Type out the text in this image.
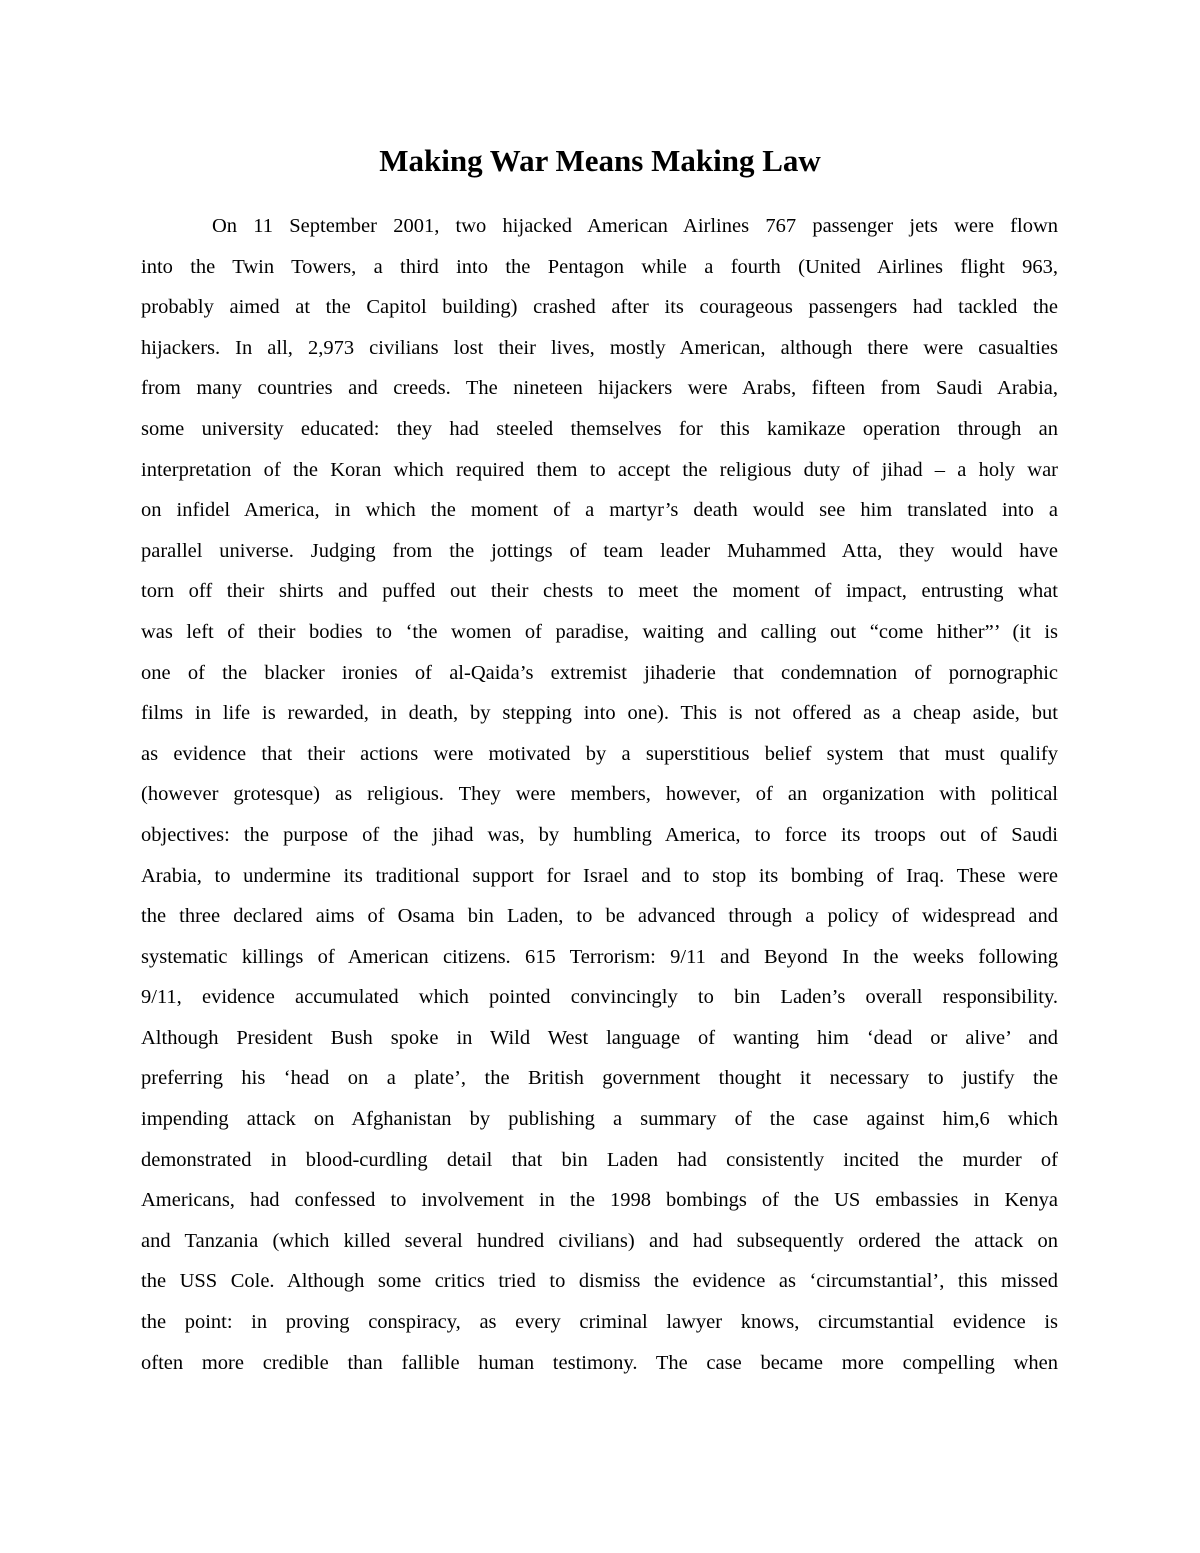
Making War Means Making Law
On 11 September 2001, two hijacked American Airlines 767 passenger jets were flown
into the Twin Towers, a third into the Pentagon while a fourth (United Airlines flight 963,
probably aimed at the Capitol building) crashed after its courageous passengers had tackled the
hijackers. In all, 2,973 civilians lost their lives, mostly American, although there were casualties
from many countries and creeds. The nineteen hijackers were Arabs, fifteen from Saudi Arabia,
some university educated: they had steeled themselves for this kamikaze operation through an
interpretation of the Koran which required them to accept the religious duty of jihad – a holy war
on infidel America, in which the moment of a martyr’s death would see him translated into a
parallel universe. Judging from the jottings of team leader Muhammed Atta, they would have
torn off their shirts and puffed out their chests to meet the moment of impact, entrusting what
was left of their bodies to ‘the women of paradise, waiting and calling out “come hither”’ (it is
one of the blacker ironies of al-Qaida’s extremist jihaderie that condemnation of pornographic
films in life is rewarded, in death, by stepping into one). This is not offered as a cheap aside, but
as evidence that their actions were motivated by a superstitious belief system that must qualify
(however grotesque) as religious. They were members, however, of an organization with political
objectives: the purpose of the jihad was, by humbling America, to force its troops out of Saudi
Arabia, to undermine its traditional support for Israel and to stop its bombing of Iraq. These were
the three declared aims of Osama bin Laden, to be advanced through a policy of widespread and
systematic killings of American citizens. 615 Terrorism: 9/11 and Beyond In the weeks following
9/11, evidence accumulated which pointed convincingly to bin Laden’s overall responsibility.
Although President Bush spoke in Wild West language of wanting him ‘dead or alive’ and
preferring his ‘head on a plate’, the British government thought it necessary to justify the
impending attack on Afghanistan by publishing a summary of the case against him,6 which
demonstrated in blood-curdling detail that bin Laden had consistently incited the murder of
Americans, had confessed to involvement in the 1998 bombings of the US embassies in Kenya
and Tanzania (which killed several hundred civilians) and had subsequently ordered the attack on
the USS Cole. Although some critics tried to dismiss the evidence as ‘circumstantial’, this missed
the point: in proving conspiracy, as every criminal lawyer knows, circumstantial evidence is
often more credible than fallible human testimony. The case became more compelling when
